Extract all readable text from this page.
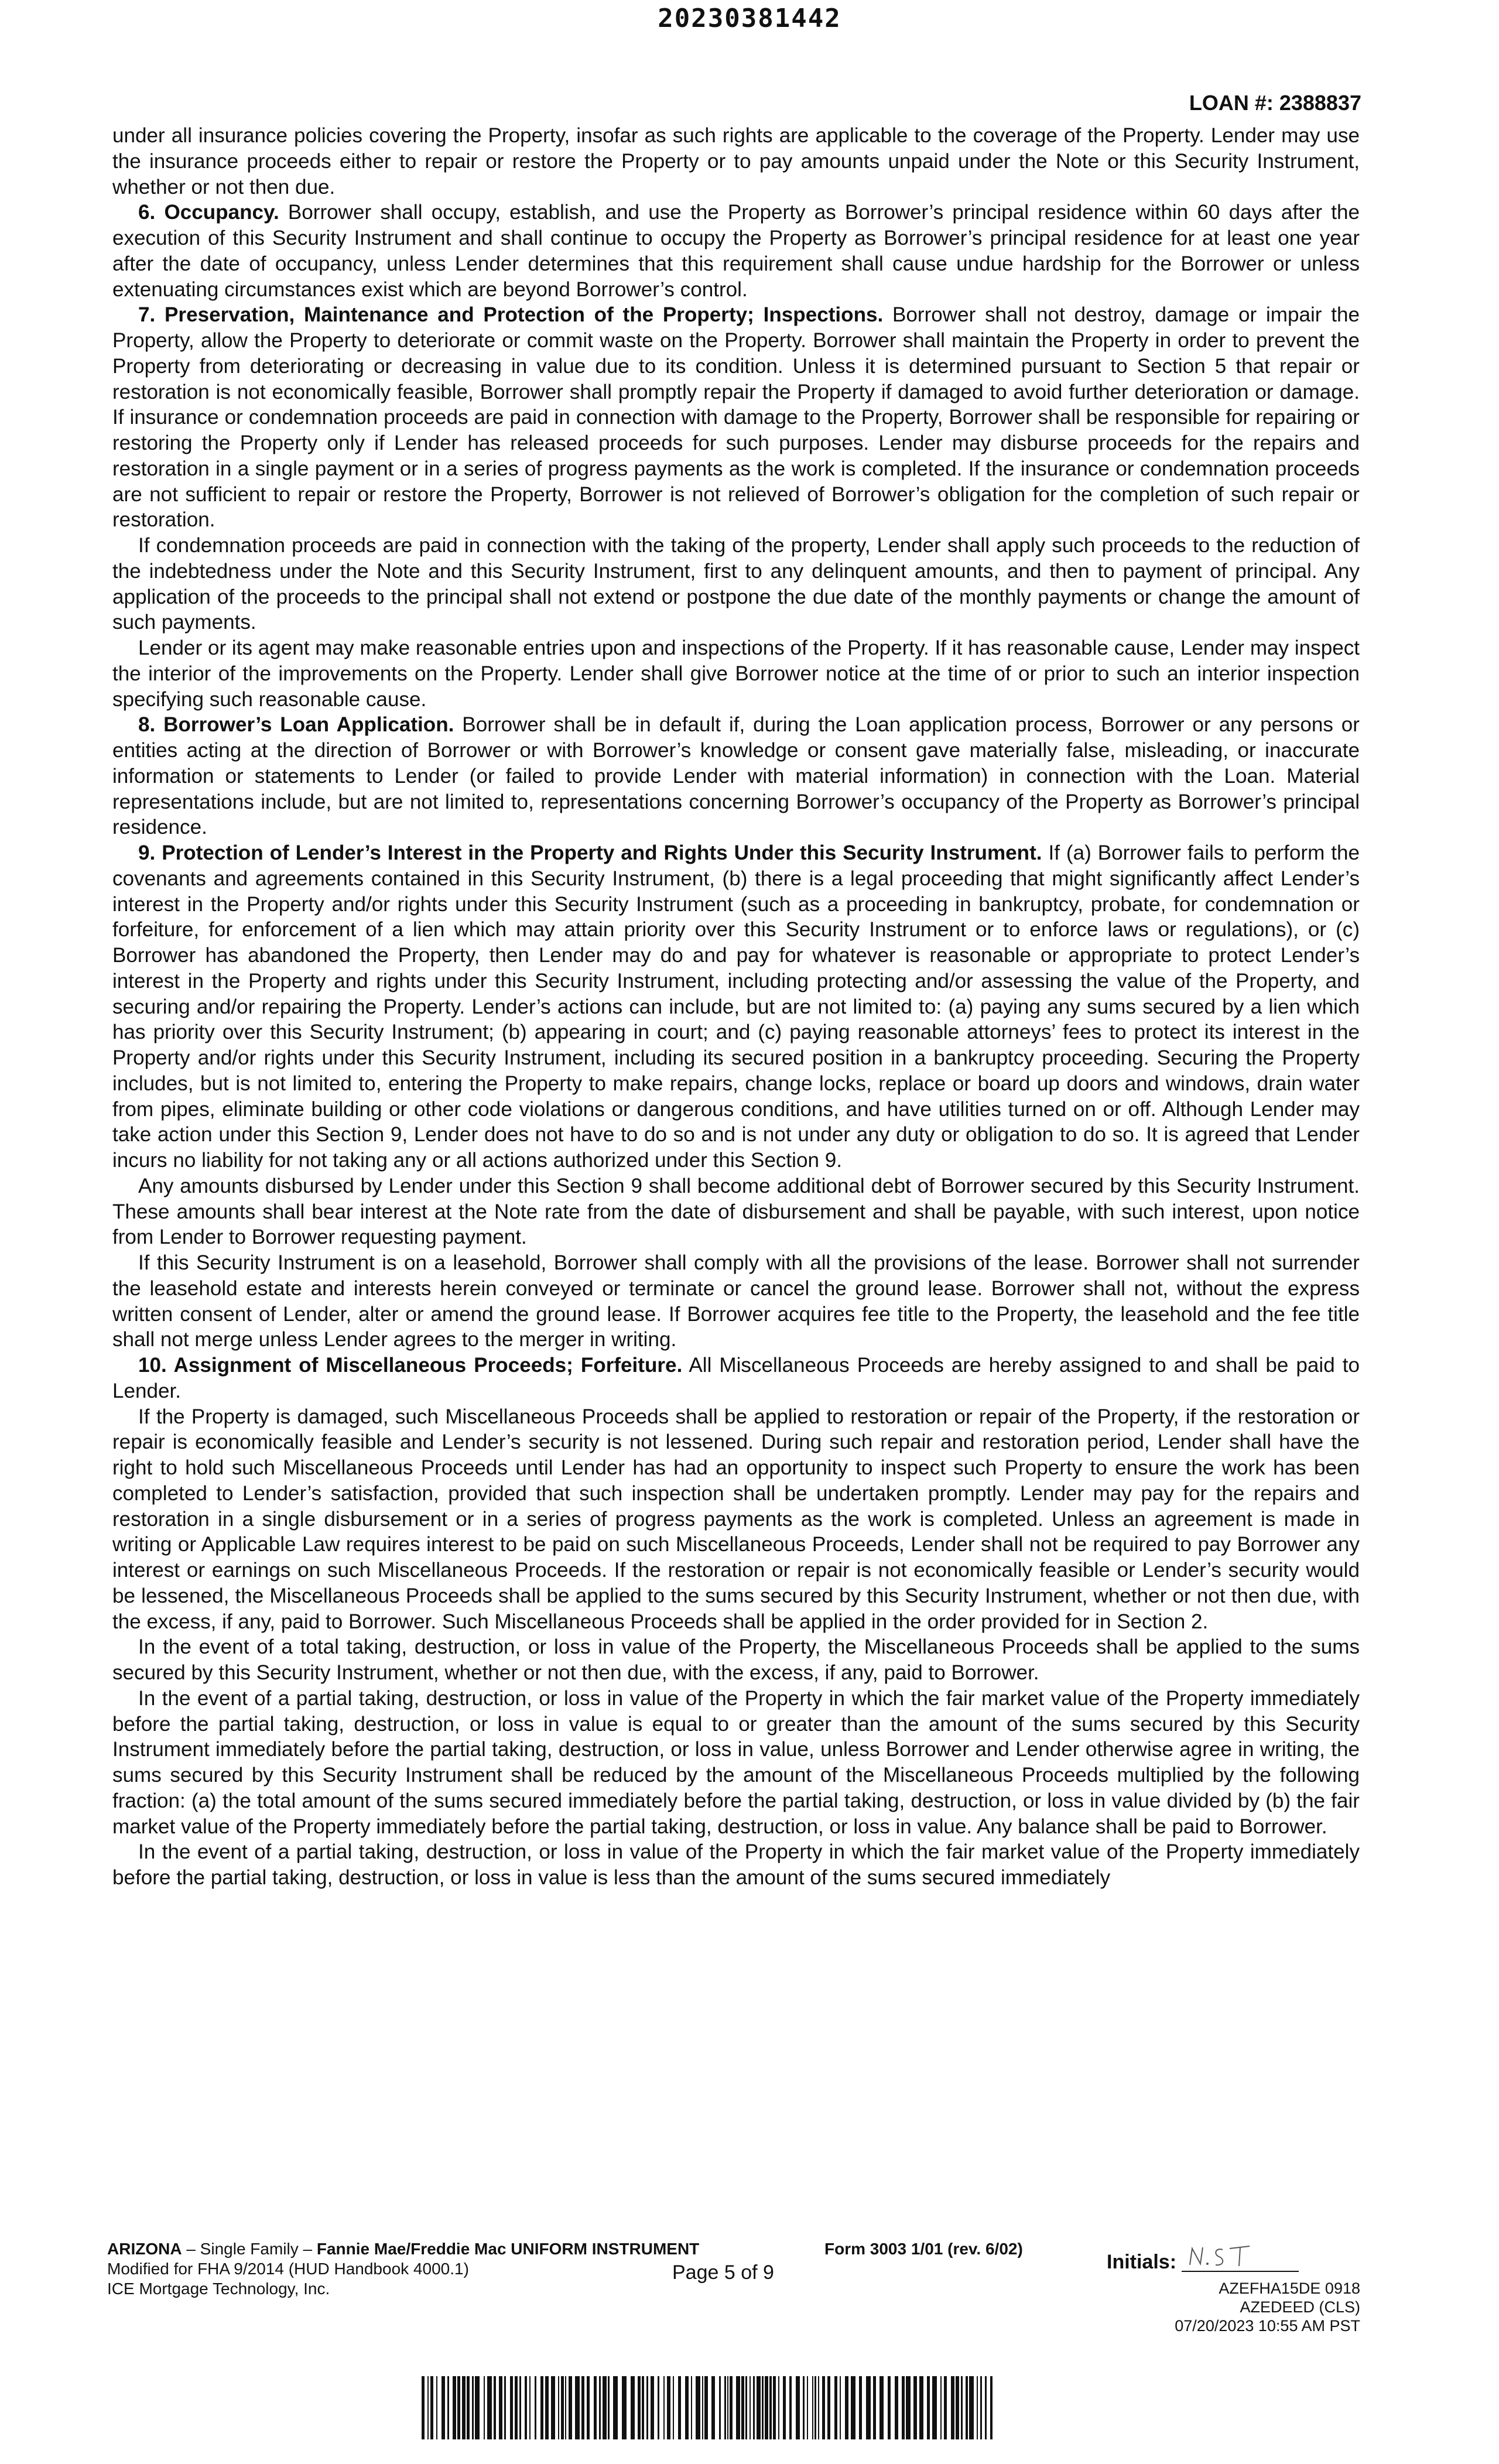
20230381442
LOAN #: 2388837

under all insurance policies covering the Property, insofar as such rights are applicable to the coverage of the Property. Lender may use the insurance proceeds either to repair or restore the Property or to pay amounts unpaid under the Note or this Security Instrument, whether or not then due.

6. Occupancy. Borrower shall occupy, establish, and use the Property as Borrower’s principal residence within 60 days after the execution of this Security Instrument and shall continue to occupy the Property as Borrower’s principal residence for at least one year after the date of occupancy, unless Lender determines that this requirement shall cause undue hardship for the Borrower or unless extenuating circumstances exist which are beyond Borrower’s control.

7. Preservation, Maintenance and Protection of the Property; Inspections. Borrower shall not destroy, damage or impair the Property, allow the Property to deteriorate or commit waste on the Property. Borrower shall maintain the Property in order to prevent the Property from deteriorating or decreasing in value due to its condition. Unless it is determined pursuant to Section 5 that repair or restoration is not economically feasible, Borrower shall promptly repair the Property if damaged to avoid further deterioration or damage. If insurance or condemnation proceeds are paid in connection with damage to the Property, Borrower shall be responsible for repairing or restoring the Property only if Lender has released proceeds for such purposes. Lender may disburse proceeds for the repairs and restoration in a single payment or in a series of progress payments as the work is completed. If the insurance or condemnation proceeds are not sufficient to repair or restore the Property, Borrower is not relieved of Borrower’s obligation for the completion of such repair or restoration.

If condemnation proceeds are paid in connection with the taking of the property, Lender shall apply such proceeds to the reduction of the indebtedness under the Note and this Security Instrument, first to any delinquent amounts, and then to payment of principal. Any application of the proceeds to the principal shall not extend or postpone the due date of the monthly payments or change the amount of such payments.

Lender or its agent may make reasonable entries upon and inspections of the Property. If it has reasonable cause, Lender may inspect the interior of the improvements on the Property. Lender shall give Borrower notice at the time of or prior to such an interior inspection specifying such reasonable cause.

8. Borrower’s Loan Application. Borrower shall be in default if, during the Loan application process, Borrower or any persons or entities acting at the direction of Borrower or with Borrower’s knowledge or consent gave materially false, misleading, or inaccurate information or statements to Lender (or failed to provide Lender with material information) in connection with the Loan. Material representations include, but are not limited to, representations concerning Borrower’s occupancy of the Property as Borrower’s principal residence.

9. Protection of Lender’s Interest in the Property and Rights Under this Security Instrument. If (a) Borrower fails to perform the covenants and agreements contained in this Security Instrument, (b) there is a legal proceeding that might significantly affect Lender’s interest in the Property and/or rights under this Security Instrument (such as a proceeding in bankruptcy, probate, for condemnation or forfeiture, for enforcement of a lien which may attain priority over this Security Instrument or to enforce laws or regulations), or (c) Borrower has abandoned the Property, then Lender may do and pay for whatever is reasonable or appropriate to protect Lender’s interest in the Property and rights under this Security Instrument, including protecting and/or assessing the value of the Property, and securing and/or repairing the Property. Lender’s actions can include, but are not limited to: (a) paying any sums secured by a lien which has priority over this Security Instrument; (b) appearing in court; and (c) paying reasonable attorneys’ fees to protect its interest in the Property and/or rights under this Security Instrument, including its secured position in a bankruptcy proceeding. Securing the Property includes, but is not limited to, entering the Property to make repairs, change locks, replace or board up doors and windows, drain water from pipes, eliminate building or other code violations or dangerous conditions, and have utilities turned on or off. Although Lender may take action under this Section 9, Lender does not have to do so and is not under any duty or obligation to do so. It is agreed that Lender incurs no liability for not taking any or all actions authorized under this Section 9.

Any amounts disbursed by Lender under this Section 9 shall become additional debt of Borrower secured by this Security Instrument. These amounts shall bear interest at the Note rate from the date of disbursement and shall be payable, with such interest, upon notice from Lender to Borrower requesting payment.

If this Security Instrument is on a leasehold, Borrower shall comply with all the provisions of the lease. Borrower shall not surrender the leasehold estate and interests herein conveyed or terminate or cancel the ground lease. Borrower shall not, without the express written consent of Lender, alter or amend the ground lease. If Borrower acquires fee title to the Property, the leasehold and the fee title shall not merge unless Lender agrees to the merger in writing.

10. Assignment of Miscellaneous Proceeds; Forfeiture. All Miscellaneous Proceeds are hereby assigned to and shall be paid to Lender.

If the Property is damaged, such Miscellaneous Proceeds shall be applied to restoration or repair of the Property, if the restoration or repair is economically feasible and Lender’s security is not lessened. During such repair and restoration period, Lender shall have the right to hold such Miscellaneous Proceeds until Lender has had an opportunity to inspect such Property to ensure the work has been completed to Lender’s satisfaction, provided that such inspection shall be undertaken promptly. Lender may pay for the repairs and restoration in a single disbursement or in a series of progress payments as the work is completed. Unless an agreement is made in writing or Applicable Law requires interest to be paid on such Miscellaneous Proceeds, Lender shall not be required to pay Borrower any interest or earnings on such Miscellaneous Proceeds. If the restoration or repair is not economically feasible or Lender’s security would be lessened, the Miscellaneous Proceeds shall be applied to the sums secured by this Security Instrument, whether or not then due, with the excess, if any, paid to Borrower. Such Miscellaneous Proceeds shall be applied in the order provided for in Section 2.

In the event of a total taking, destruction, or loss in value of the Property, the Miscellaneous Proceeds shall be applied to the sums secured by this Security Instrument, whether or not then due, with the excess, if any, paid to Borrower.

In the event of a partial taking, destruction, or loss in value of the Property in which the fair market value of the Property immediately before the partial taking, destruction, or loss in value is equal to or greater than the amount of the sums secured by this Security Instrument immediately before the partial taking, destruction, or loss in value, unless Borrower and Lender otherwise agree in writing, the sums secured by this Security Instrument shall be reduced by the amount of the Miscellaneous Proceeds multiplied by the following fraction: (a) the total amount of the sums secured immediately before the partial taking, destruction, or loss in value divided by (b) the fair market value of the Property immediately before the partial taking, destruction, or loss in value. Any balance shall be paid to Borrower.

In the event of a partial taking, destruction, or loss in value of the Property in which the fair market value of the Property immediately before the partial taking, destruction, or loss in value is less than the amount of the sums secured immediately

ARIZONA – Single Family – Fannie Mae/Freddie Mac UNIFORM INSTRUMENT
Modified for FHA 9/2014 (HUD Handbook 4000.1)
ICE Mortgage Technology, Inc.
Form 3003 1/01 (rev. 6/02)
Page 5 of 9	Initials:
AZEFHA15DE 0918
AZEDEED (CLS)
07/20/2023 10:55 AM PST
